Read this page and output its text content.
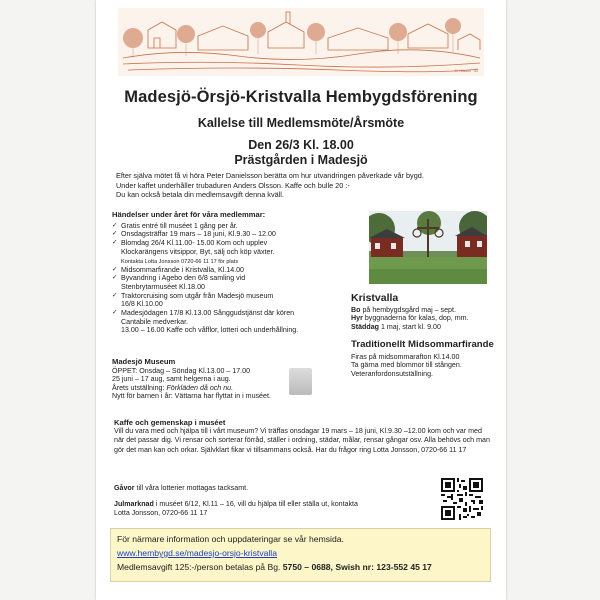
M. Nilsson · 83
Madesjö-Örsjö-Kristvalla Hembygdsförening
Kallelse till Medlemsmöte/Årsmöte
Den 26/3 Kl. 18.00
Prästgården i Madesjö
Efter själva mötet få vi höra Peter Danielsson berätta om hur utvandringen påverkade vår bygd.
Under kaffet underhåller trubaduren Anders Olsson. Kaffe och bulle 20 :-
Du kan också betala din medlemsavgift denna kväll.
Händelser under året för våra medlemmar:
✓ Gratis entré till muséet 1 gång per år.
✓ Onsdagsträffar 19 mars – 18 juni, Kl.9.30 – 12.00
✓ Blomdag 26/4 Kl.11.00- 15.00 Kom och upplev
Klockarängens vitsippor, Byt, sälj och köp växter.
Kontakta Lotta Jonsson 0720-66 11 17 för plats
✓ Midsommarfirande i Kristvalla, Kl.14.00
✓ Byvandring i Agebo den 6/8 samling vid
Stenbrytarmuséet Kl.18.00
✓ Traktorcruising som utgår från Madesjö museum
16/8 Kl.10.00
✓ Madesjödagen 17/8 Kl.13.00 Sånggudstjänst där kören
Cantabile medverkar.
13.00 – 16.00 Kaffe och våfflor, lotteri och underhållning.
Madesjö Museum
ÖPPET: Onsdag – Söndag Kl.13.00 – 17.00
25 juni – 17 aug, samt helgerna i aug.
Årets utställning: Förkläden då och nu.
Nytt för barnen i år: Vättarna har flyttat in i muséet.
Kristvalla
Bo på hembygdsgård maj – sept.
Hyr byggnaderna för kalas, dop, mm.
Städdag 1 maj, start kl. 9.00
Traditionellt Midsommarfirande
Firas på midsommarafton Kl.14.00
Ta gärna med blommor till stången.
Veteranfordonsutställning.
Kaffe och gemenskap i muséet
Vill du vara med och hjälpa till i vårt museum? Vi träffas onsdagar 19 mars – 18 juni, Kl.9.30 –12.00 kom och var med när det passar dig. Vi rensar och sorterar förråd, ställer i ordning, städar, målar, rensar gångar osv. Alla behövs och man gör det man kan och orkar. Självklart fikar vi tillsammans också. Har du frågor ring Lotta Jonsson, 0720-66 11 17
Gåvor till våra lotterier mottagas tacksamt.
Julmarknad i muséet 6/12, Kl.11 – 16, vill du hjälpa till eller ställa ut, kontakta
Lotta Jonsson, 0720-66 11 17
För närmare information och uppdateringar se vår hemsida.
www.hembygd.se/madesjo-orsjo-kristvalla
Medlemsavgift 125:-/person betalas på Bg. 5750 – 0688, Swish nr: 123-552 45 17
